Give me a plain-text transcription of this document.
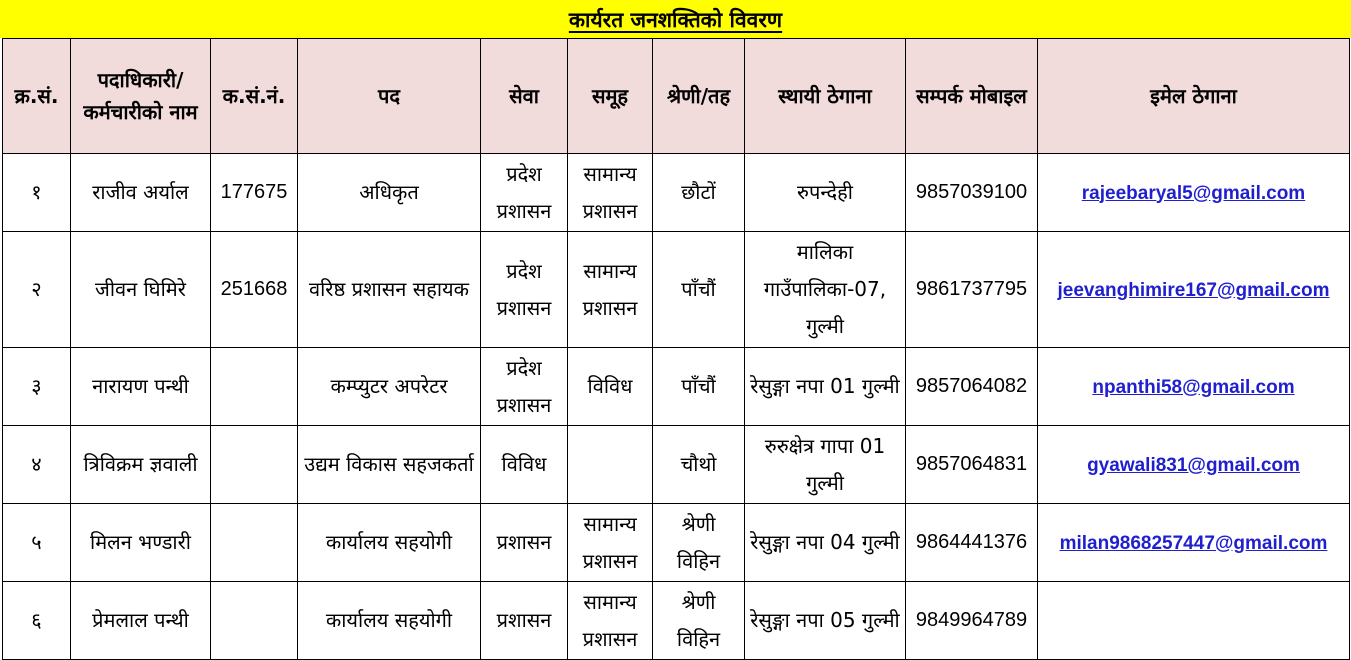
कार्यरत जनशक्तिको विवरण
क्र.सं.	पदाधिकारी/ कर्मचारीको नाम	क.सं.नं.	पद	सेवा	समूह	श्रेणी/तह	स्थायी ठेगाना	सम्पर्क मोबाइल	इमेल ठेगाना
१	राजीव अर्याल	177675	अधिकृत	प्रदेश प्रशासन	सामान्य प्रशासन	छौटों	रुपन्देही	9857039100	rajeebaryal5@gmail.com
२	जीवन घिमिरे	251668	वरिष्ठ प्रशासन सहायक	प्रदेश प्रशासन	सामान्य प्रशासन	पाँचौं	मालिका गाउँपालिका-07, गुल्मी	9861737795	jeevanghimire167@gmail.com
३	नारायण पन्थी		कम्प्युटर अपरेटर	प्रदेश प्रशासन	विविध	पाँचौं	रेसुङ्गा नपा 01 गुल्मी	9857064082	npanthi58@gmail.com
४	त्रिविक्रम ज्ञवाली		उद्यम विकास सहजकर्ता	विविध		चौथो	रुरुक्षेत्र गापा 01 गुल्मी	9857064831	gyawali831@gmail.com
५	मिलन भण्डारी		कार्यालय सहयोगी	प्रशासन	सामान्य प्रशासन	श्रेणी विहिन	रेसुङ्गा नपा 04 गुल्मी	9864441376	milan9868257447@gmail.com
६	प्रेमलाल पन्थी		कार्यालय सहयोगी	प्रशासन	सामान्य प्रशासन	श्रेणी विहिन	रेसुङ्गा नपा 05 गुल्मी	9849964789	
